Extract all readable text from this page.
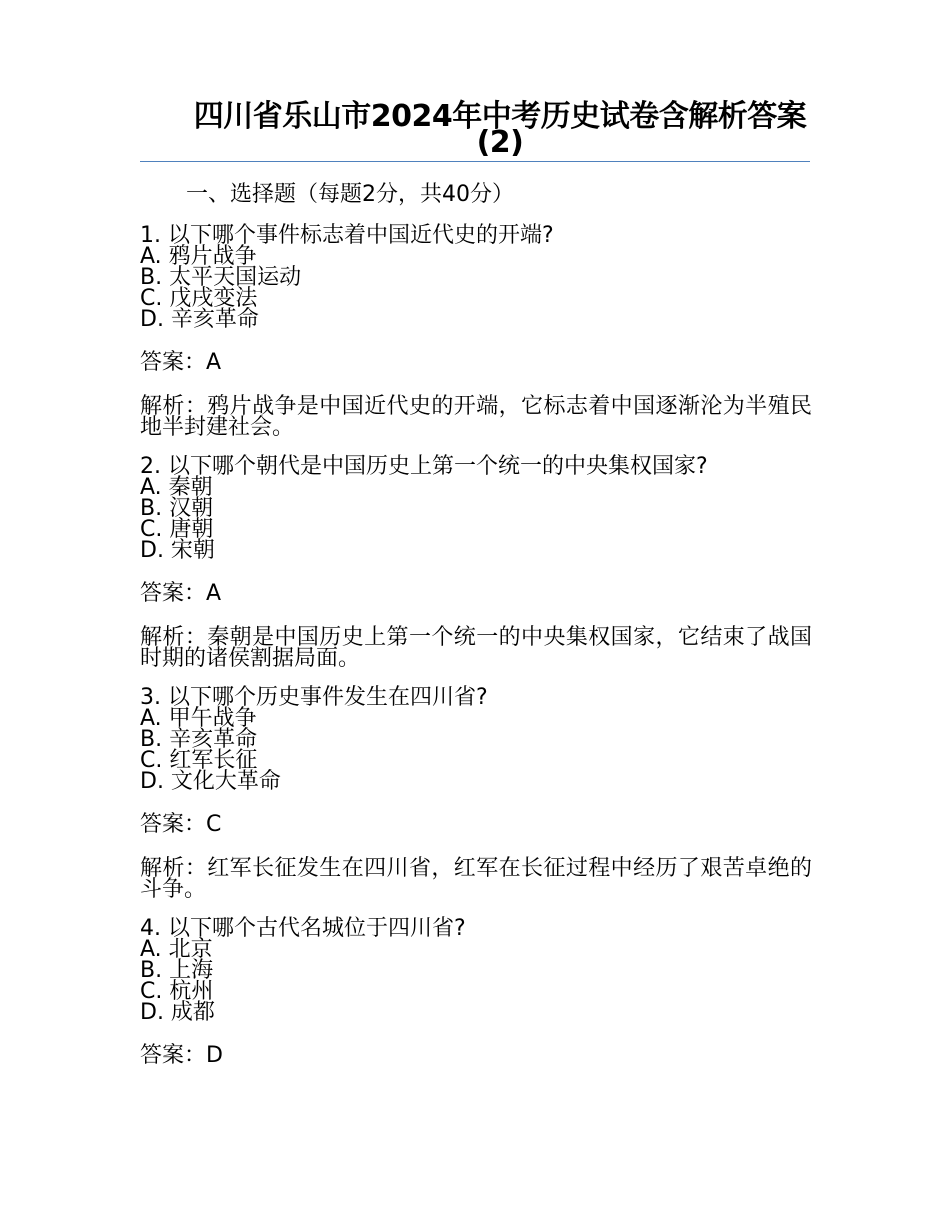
四川省乐山市2024年中考历史试卷含解析答案(2)

一、选择题（每题2分，共40分）

1. 以下哪个事件标志着中国近代史的开端?

A. 鸦片战争

B. 太平天国运动

C. 戊戌变法

D. 辛亥革命

答案：A

解析：鸦片战争是中国近代史的开端，它标志着中国逐渐沦为半殖民地半封建社会。

2. 以下哪个朝代是中国历史上第一个统一的中央集权国家?

A. 秦朝

B. 汉朝

C. 唐朝

D. 宋朝

答案：A

解析：秦朝是中国历史上第一个统一的中央集权国家，它结束了战国时期的诸侯割据局面。

3. 以下哪个历史事件发生在四川省?

A. 甲午战争

B. 辛亥革命

C. 红军长征

D. 文化大革命

答案：C

解析：红军长征发生在四川省，红军在长征过程中经历了艰苦卓绝的斗争。

4. 以下哪个古代名城位于四川省?

A. 北京

B. 上海

C. 杭州

D. 成都

答案：D
